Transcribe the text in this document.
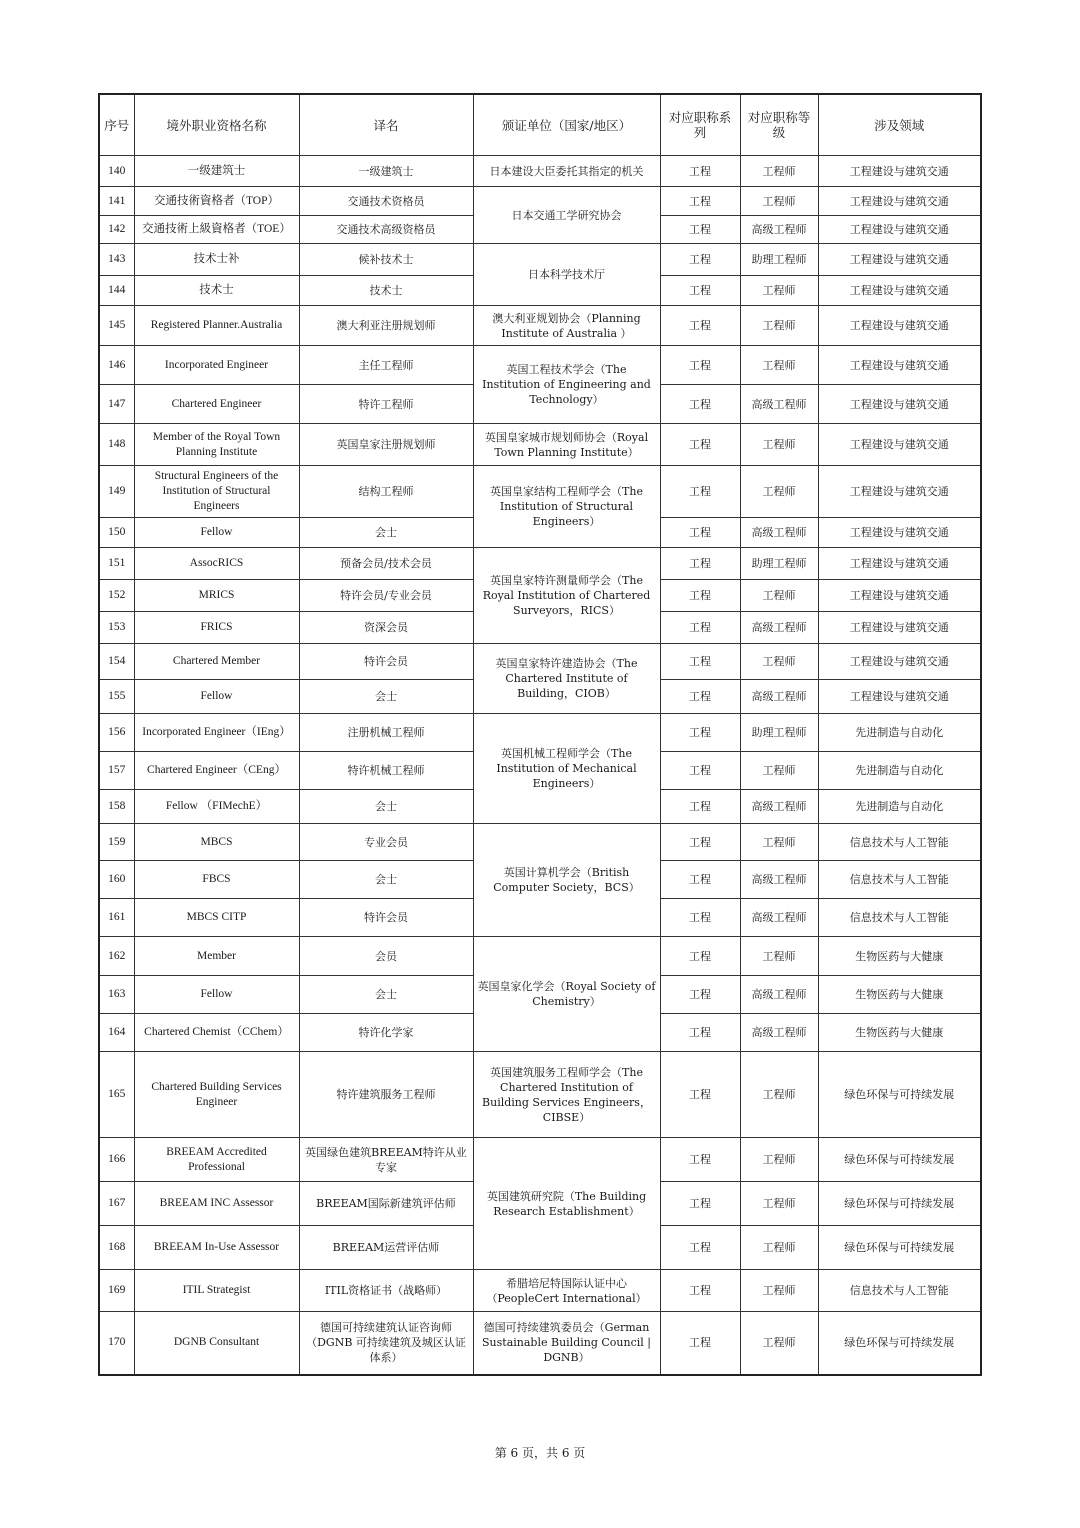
序号	境外职业资格名称	译名	颁证单位（国家/地区）	对应职称系列	对应职称等级	涉及领域
140	一级建筑士	一级建筑士	日本建设大臣委托其指定的机关	工程	工程师	工程建设与建筑交通
141	交通技術資格者（TOP）	交通技术资格员	日本交通工学研究协会	工程	工程师	工程建设与建筑交通
142	交通技術上級資格者（TOE）	交通技术高级资格员		工程	高级工程师	工程建设与建筑交通
143	技术士补	候补技术士	日本科学技术厅	工程	助理工程师	工程建设与建筑交通
144	技术士	技术士		工程	工程师	工程建设与建筑交通
145	Registered Planner.Australia	澳大利亚注册规划师	澳大利亚规划协会（Planning Institute of Australia ）	工程	工程师	工程建设与建筑交通
146	Incorporated Engineer	主任工程师	英国工程技术学会（The Institution of Engineering and Technology）	工程	工程师	工程建设与建筑交通
147	Chartered Engineer	特许工程师		工程	高级工程师	工程建设与建筑交通
148	Member of the Royal Town Planning Institute	英国皇家注册规划师	英国皇家城市规划师协会（Royal Town Planning Institute）	工程	工程师	工程建设与建筑交通
149	Structural Engineers of the Institution of Structural Engineers	结构工程师	英国皇家结构工程师学会（The Institution of Structural Engineers）	工程	工程师	工程建设与建筑交通
150	Fellow	会士		工程	高级工程师	工程建设与建筑交通
151	AssocRICS	预备会员/技术会员	英国皇家特许测量师学会（The Royal Institution of Chartered Surveyors，RICS）	工程	助理工程师	工程建设与建筑交通
152	MRICS	特许会员/专业会员		工程	工程师	工程建设与建筑交通
153	FRICS	资深会员		工程	高级工程师	工程建设与建筑交通
154	Chartered Member	特许会员	英国皇家特许建造协会（The Chartered Institute of Building，CIOB）	工程	工程师	工程建设与建筑交通
155	Fellow	会士		工程	高级工程师	工程建设与建筑交通
156	Incorporated Engineer（IEng）	注册机械工程师	英国机械工程师学会（The Institution of Mechanical Engineers）	工程	助理工程师	先进制造与自动化
157	Chartered Engineer（CEng）	特许机械工程师		工程	工程师	先进制造与自动化
158	Fellow （FIMechE）	会士		工程	高级工程师	先进制造与自动化
159	MBCS	专业会员	英国计算机学会（British Computer Society，BCS）	工程	工程师	信息技术与人工智能
160	FBCS	会士		工程	高级工程师	信息技术与人工智能
161	MBCS CITP	特许会员		工程	高级工程师	信息技术与人工智能
162	Member	会员	英国皇家化学会（Royal Society of Chemistry）	工程	工程师	生物医药与大健康
163	Fellow	会士		工程	高级工程师	生物医药与大健康
164	Chartered Chemist（CChem）	特许化学家		工程	高级工程师	生物医药与大健康
165	Chartered Building Services Engineer	特许建筑服务工程师	英国建筑服务工程师学会（The Chartered Institution of Building Services Engineers，CIBSE）	工程	工程师	绿色环保与可持续发展
166	BREEAM Accredited Professional	英国绿色建筑BREEAM特许从业专家	英国建筑研究院（The Building Research Establishment）	工程	工程师	绿色环保与可持续发展
167	BREEAM INC Assessor	BREEAM国际新建筑评估师		工程	工程师	绿色环保与可持续发展
168	BREEAM In-Use Assessor	BREEAM运营评估师		工程	工程师	绿色环保与可持续发展
169	ITIL Strategist	ITIL资格证书（战略师）	希腊培尼特国际认证中心（PeopleCert International）	工程	工程师	信息技术与人工智能
170	DGNB Consultant	德国可持续建筑认证咨询师（DGNB 可持续建筑及城区认证体系）	德国可持续建筑委员会（German Sustainable Building Council | DGNB）	工程	工程师	绿色环保与可持续发展
第 6 页，共 6 页
